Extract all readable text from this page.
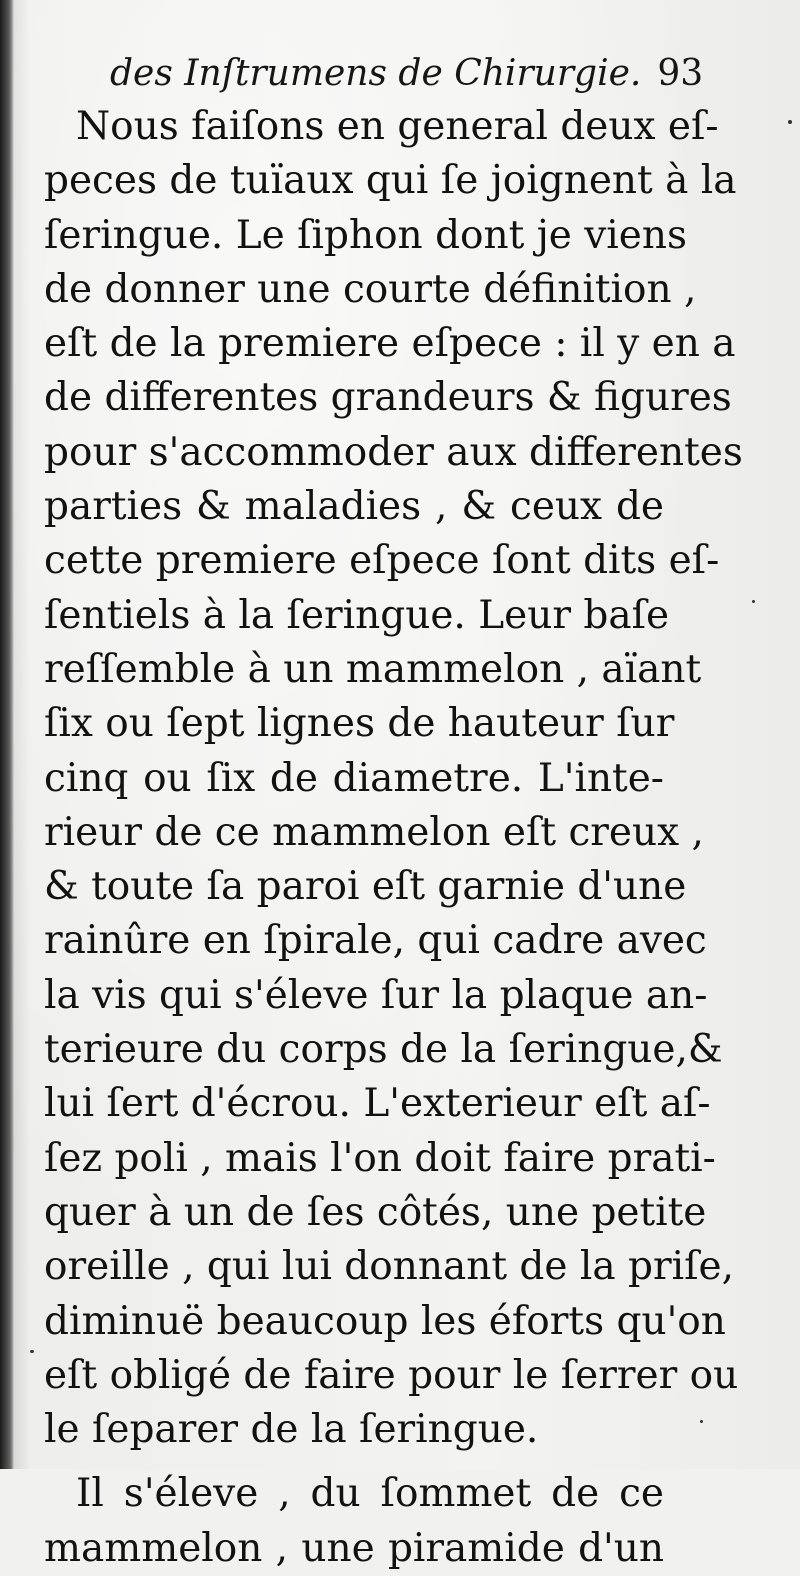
des Inſtrumens de Chirurgie. 93
Nous faiſons en general deux eſ-
peces de tuïaux qui ſe joignent à la
ſeringue. Le ſiphon dont je viens
de donner une courte définition ,
eſt de la premiere eſpece : il y en a
de differentes grandeurs & figures
pour s'accommoder aux differentes
parties & maladies , & ceux de
cette premiere eſpece ſont dits eſ-
ſentiels à la ſeringue. Leur baſe
reſſemble à un mammelon , aïant
ſix ou ſept lignes de hauteur ſur
cinq ou ſix de diametre. L'inte-
rieur de ce mammelon eſt creux ,
& toute ſa paroi eſt garnie d'une
rainûre en ſpirale, qui cadre avec
la vis qui s'éleve ſur la plaque an-
terieure du corps de la ſeringue,&
lui ſert d'écrou. L'exterieur eſt aſ-
ſez poli , mais l'on doit faire prati-
quer à un de ſes côtés, une petite
oreille , qui lui donnant de la priſe,
diminuë beaucoup les éforts qu'on
eſt obligé de faire pour le ſerrer ou
le ſeparer de la ſeringue.
Il s'éleve , du ſommet de ce
mammelon , une piramide d'un
